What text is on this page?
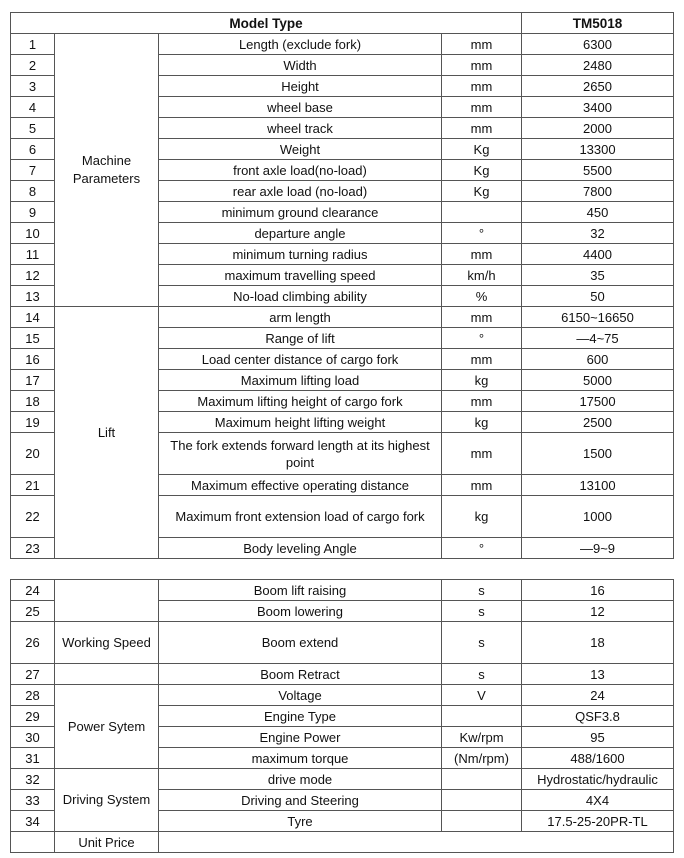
Model Type				TM5018
1	Machine Parameters	Length (exclude fork)	mm	6300
2		Width	mm	2480
3		Height	mm	2650
4		wheel base	mm	3400
5		wheel track	mm	2000
6		Weight	Kg	13300
7		front axle load(no-load)	Kg	5500
8		rear axle load (no-load)	Kg	7800
9		minimum ground clearance		450
10		departure angle	°	32
11		minimum turning radius	mm	4400
12		maximum travelling speed	km/h	35
13		No-load climbing ability	%	50
14	Lift	arm length	mm	6150~16650
15		Range of lift	°	—4~75
16		Load center distance of cargo fork	mm	600
17		Maximum lifting load	kg	5000
18		Maximum lifting height of cargo fork	mm	17500
19		Maximum height lifting weight	kg	2500
20		The fork extends forward length at its highest point	mm	1500
21		Maximum effective operating distance	mm	13100
22		Maximum front extension load of cargo fork	kg	1000
23		Body leveling Angle	°	—9~9
24		Boom lift raising	s	16
25		Boom lowering	s	12
26	Working Speed	Boom extend	s	18
27		Boom Retract	s	13
28	Power Sytem	Voltage	V	24
29		Engine Type		QSF3.8
30		Engine Power	Kw/rpm	95
31		maximum torque	(Nm/rpm)	488/1600
32	Driving System	drive mode		Hydrostatic/hydraulic
33		Driving and Steering		4X4
34		Tyre		17.5-25-20PR-TL
	Unit Price			
